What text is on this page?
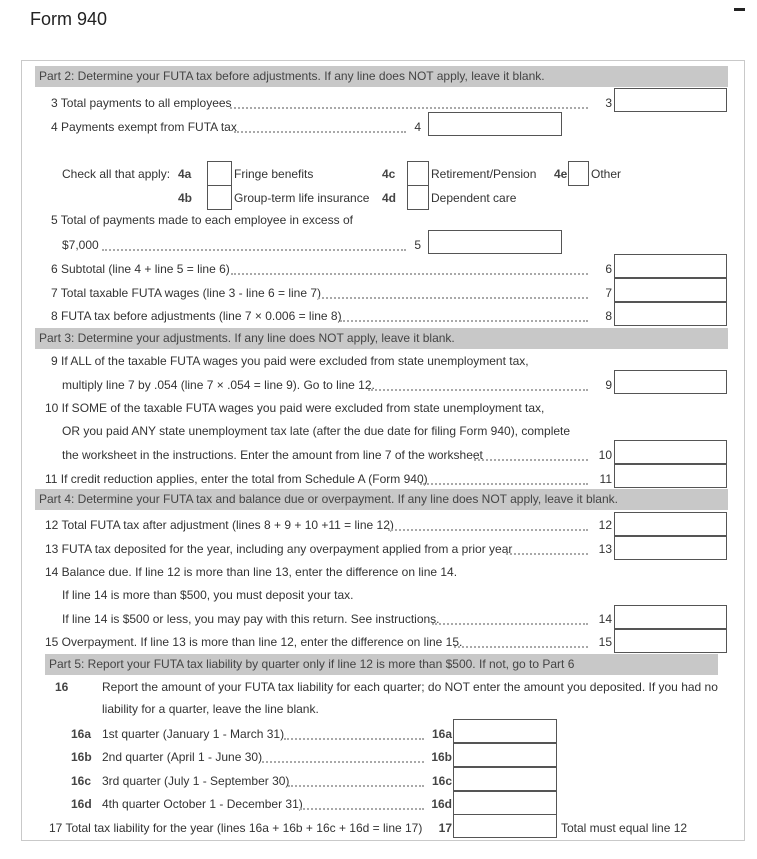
Form 940
Part 2: Determine your FUTA tax before adjustments. If any line does NOT apply, leave it blank.
3 Total payments to all employees	3
4 Payments exempt from FUTA tax	4
Check all that apply: 4a	Fringe benefits	4c	Retirement/Pension 4e Other
4b	Group-term life insurance 4d	Dependent care
5 Total of payments made to each employee in excess of
$7,000	5
6 Subtotal (line 4 + line 5 = line 6)	6
7 Total taxable FUTA wages (line 3 - line 6 = line 7)	7
8 FUTA tax before adjustments (line 7 × 0.006 = line 8)	8
Part 3: Determine your adjustments. If any line does NOT apply, leave it blank.
9 If ALL of the taxable FUTA wages you paid were excluded from state unemployment tax,
multiply line 7 by .054 (line 7 × .054 = line 9). Go to line 12.	9
10 If SOME of the taxable FUTA wages you paid were excluded from state unemployment tax,
OR you paid ANY state unemployment tax late (after the due date for filing Form 940), complete
the worksheet in the instructions. Enter the amount from line 7 of the worksheet	10
11 If credit reduction applies, enter the total from Schedule A (Form 940)	11
Part 4: Determine your FUTA tax and balance due or overpayment. If any line does NOT apply, leave it blank.
12 Total FUTA tax after adjustment (lines 8 + 9 + 10 +11 = line 12)	12
13 FUTA tax deposited for the year, including any overpayment applied from a prior year	13
14 Balance due. If line 12 is more than line 13, enter the difference on line 14.
If line 14 is more than $500, you must deposit your tax.
If line 14 is $500 or less, you may pay with this return. See instructions.	14
15 Overpayment. If line 13 is more than line 12, enter the difference on line 15.	15
Part 5: Report your FUTA tax liability by quarter only if line 12 is more than $500. If not, go to Part 6
16	Report the amount of your FUTA tax liability for each quarter; do NOT enter the amount you deposited. If you had no
liability for a quarter, leave the line blank.
16a 1st quarter (January 1 - March 31)	16a
16b 2nd quarter (April 1 - June 30)	16b
16c 3rd quarter (July 1 - September 30)	16c
16d 4th quarter October 1 - December 31)	16d
17 Total tax liability for the year (lines 16a + 16b + 16c + 16d = line 17)	17	Total must equal line 12
